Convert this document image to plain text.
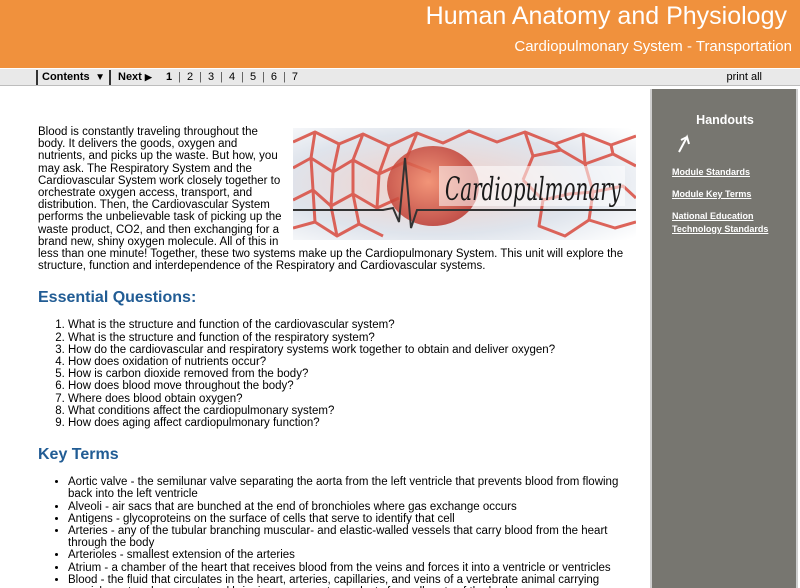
Human Anatomy and Physiology
Cardiopulmonary System - Transportation
Contents ▼ Next ▶ 1 | 2 | 3 | 4 | 5 | 6 | 7	print all
Cardiopulmonary

Blood is constantly traveling throughout the body. It delivers the goods, oxygen and nutrients, and picks up the waste. But how, you may ask. The Respiratory System and the Cardiovascular System work closely together to orchestrate oxygen access, transport, and distribution. Then, the Cardiovascular System performs the unbelievable task of picking up the waste product, CO2, and then exchanging for a brand new, shiny oxygen molecule. All of this in less than one minute! Together, these two systems make up the Cardiopulmonary System. This unit will explore the structure, function and interdependence of the Respiratory and Cardiovascular systems.

Essential Questions:
1. What is the structure and function of the cardiovascular system?
2. What is the structure and function of the respiratory system?
3. How do the cardiovascular and respiratory systems work together to obtain and deliver oxygen?
4. How does oxidation of nutrients occur?
5. How is carbon dioxide removed from the body?
6. How does blood move throughout the body?
7. Where does blood obtain oxygen?
8. What conditions affect the cardiopulmonary system?
9. How does aging affect cardiopulmonary function?
Key Terms
• Aortic valve - the semilunar valve separating the aorta from the left ventricle that prevents blood from flowing back into the left ventricle
• Alveoli - air sacs that are bunched at the end of bronchioles where gas exchange occurs
• Antigens - glycoproteins on the surface of cells that serve to identify that cell
• Arteries - any of the tubular branching muscular- and elastic-walled vessels that carry blood from the heart through the body
• Arterioles - smallest extension of the arteries
• Atrium - a chamber of the heart that receives blood from the veins and forces it into a ventricle or ventricles
• Blood - the fluid that circulates in the heart, arteries, capillaries, and veins of a vertebrate animal carrying
Handouts
Module Standards
Module Key Terms
National Education Technology Standards
